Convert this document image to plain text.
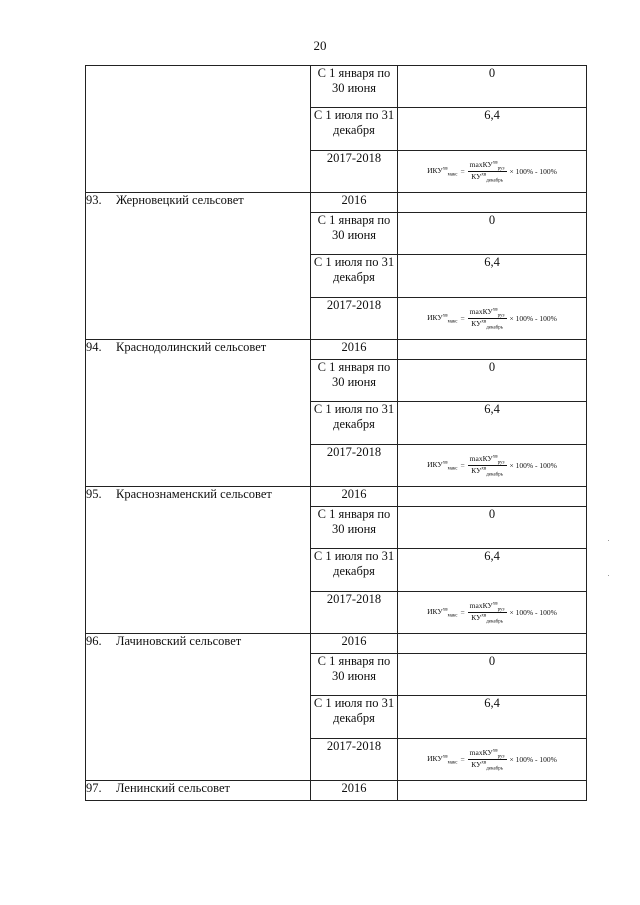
20
	С 1 января по 30 июня	0
	С 1 июля по 31 декабря	6,4
	2017-2018	$ИКУ^{хв}_{макс} = \frac{\max КУ^{хв}_{руз}}{КУ^{хв}_{декабрь}} \times 100\% - 100\%$

93. Жерновецкий сельсовет	2016	
	С 1 января по 30 июня	0
	С 1 июля по 31 декабря	6,4
	2017-2018	$ИКУ^{хв}_{макс} = \frac{\max КУ^{хв}_{руз}}{КУ^{хв}_{декабрь}} \times 100\% - 100\%$

94. Краснодолинский сельсовет	2016	
	С 1 января по 30 июня	0
	С 1 июля по 31 декабря	6,4
	2017-2018	$ИКУ^{хв}_{макс} = \frac{\max КУ^{хв}_{руз}}{КУ^{хв}_{декабрь}} \times 100\% - 100\%$

95. Краснознаменский сельсовет	2016	
	С 1 января по 30 июня	0
	С 1 июля по 31 декабря	6,4
	2017-2018	$ИКУ^{хв}_{макс} = \frac{\max КУ^{хв}_{руз}}{КУ^{хв}_{декабрь}} \times 100\% - 100\%$

96. Лачиновский сельсовет	2016	
	С 1 января по 30 июня	0
	С 1 июля по 31 декабря	6,4
	2017-2018	$ИКУ^{хв}_{макс} = \frac{\max КУ^{хв}_{руз}}{КУ^{хв}_{декабрь}} \times 100\% - 100\%$

97. Ленинский сельсовет	2016	
